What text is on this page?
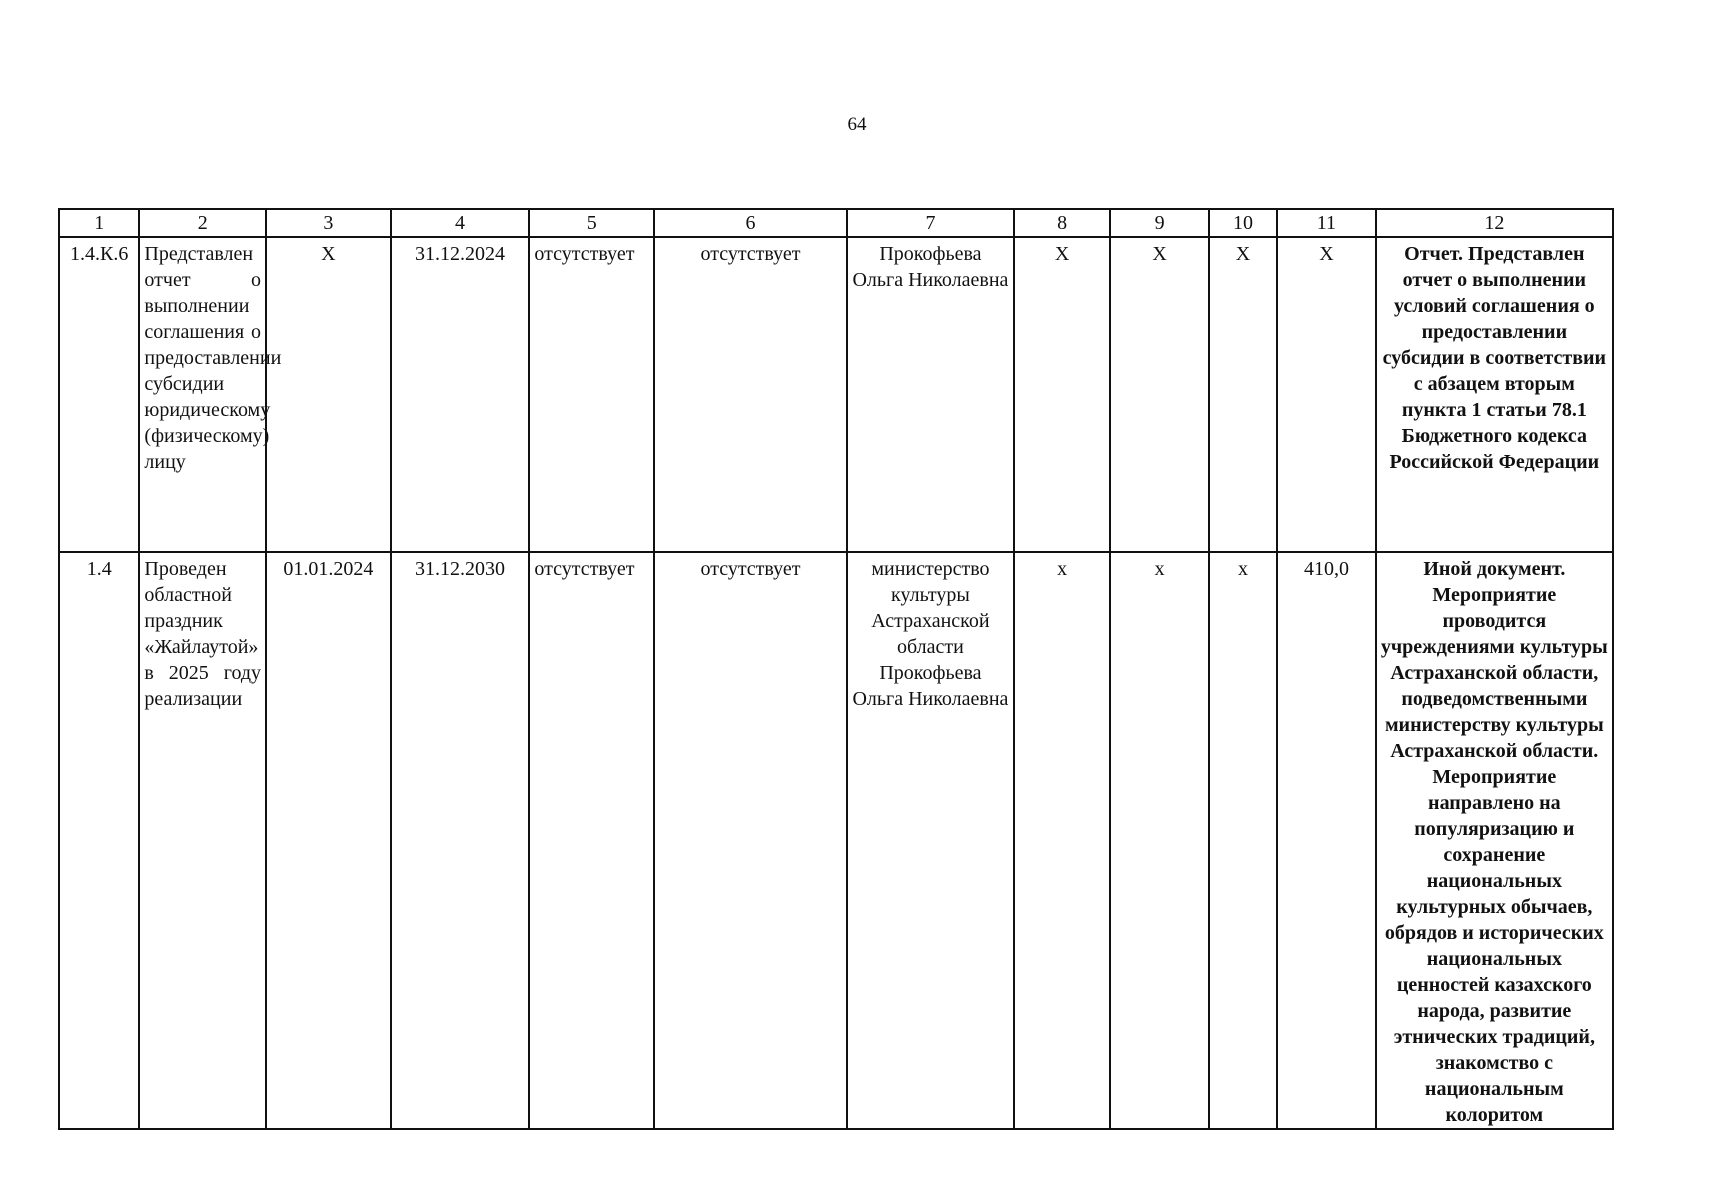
64
1	2	3	4	5	6	7	8	9	10	11	12
1.4.К.6	Представлен отчет о выполнении соглашения о предоставлении субсидии юридическому (физическому) лицу	X	31.12.2024	отсутствует	отсутствует	Прокофьева Ольга Николаевна	X	X	X	X	Отчет. Представлен отчет о выполнении условий соглашения о предоставлении субсидии в соответствии с абзацем вторым пункта 1 статьи 78.1 Бюджетного кодекса Российской Федерации
1.4	Проведен областной праздник «Жайлаутой» в 2025 году реализации	01.01.2024	31.12.2030	отсутствует	отсутствует	министерство культуры Астраханской области Прокофьева Ольга Николаевна	x	x	x	410,0	Иной документ. Мероприятие проводится учреждениями культуры Астраханской области, подведомственными министерству культуры Астраханской области. Мероприятие направлено на популяризацию и сохранение национальных культурных обычаев, обрядов и исторических национальных ценностей казахского народа, развитие этнических традиций, знакомство с национальным колоритом
